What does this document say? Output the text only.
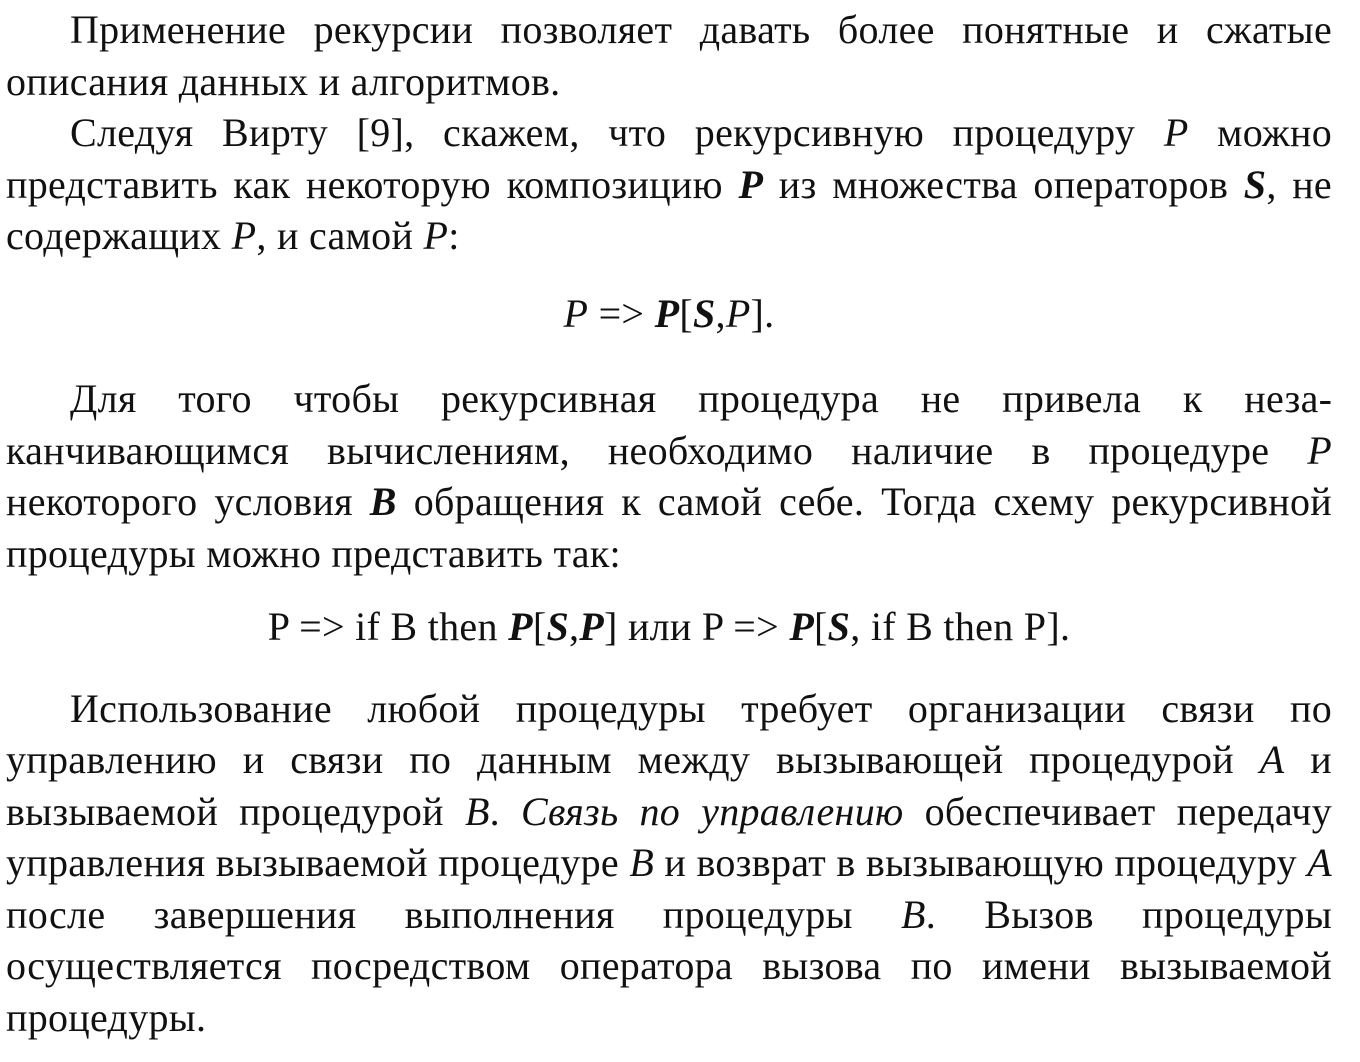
Применение рекурсии позволяет давать более понятные и сжатые описания данных и алгоритмов.

Следуя Вирту [9], скажем, что рекурсивную процедуру P можно представить как некоторую композицию P из множества операторов S, не содержащих P, и самой P:

P => P[S,P].

Для того чтобы рекурсивная процедура не привела к незаканчивающимся вычислениям, необходимо наличие в процедуре P некоторого условия B обращения к самой себе. Тогда схему рекурсивной процедуры можно представить так:

P => if B then P[S,P] или P => P[S, if B then P].

Использование любой процедуры требует организации связи по управлению и связи по данным между вызывающей процедурой A и вызываемой процедурой B. Связь по управлению обеспечивает передачу управления вызываемой процедуре B и возврат в вызывающую процедуру A после завершения выполнения процедуры B. Вызов процедуры осуществляется посредством оператора вызова по имени вызываемой процедуры.
